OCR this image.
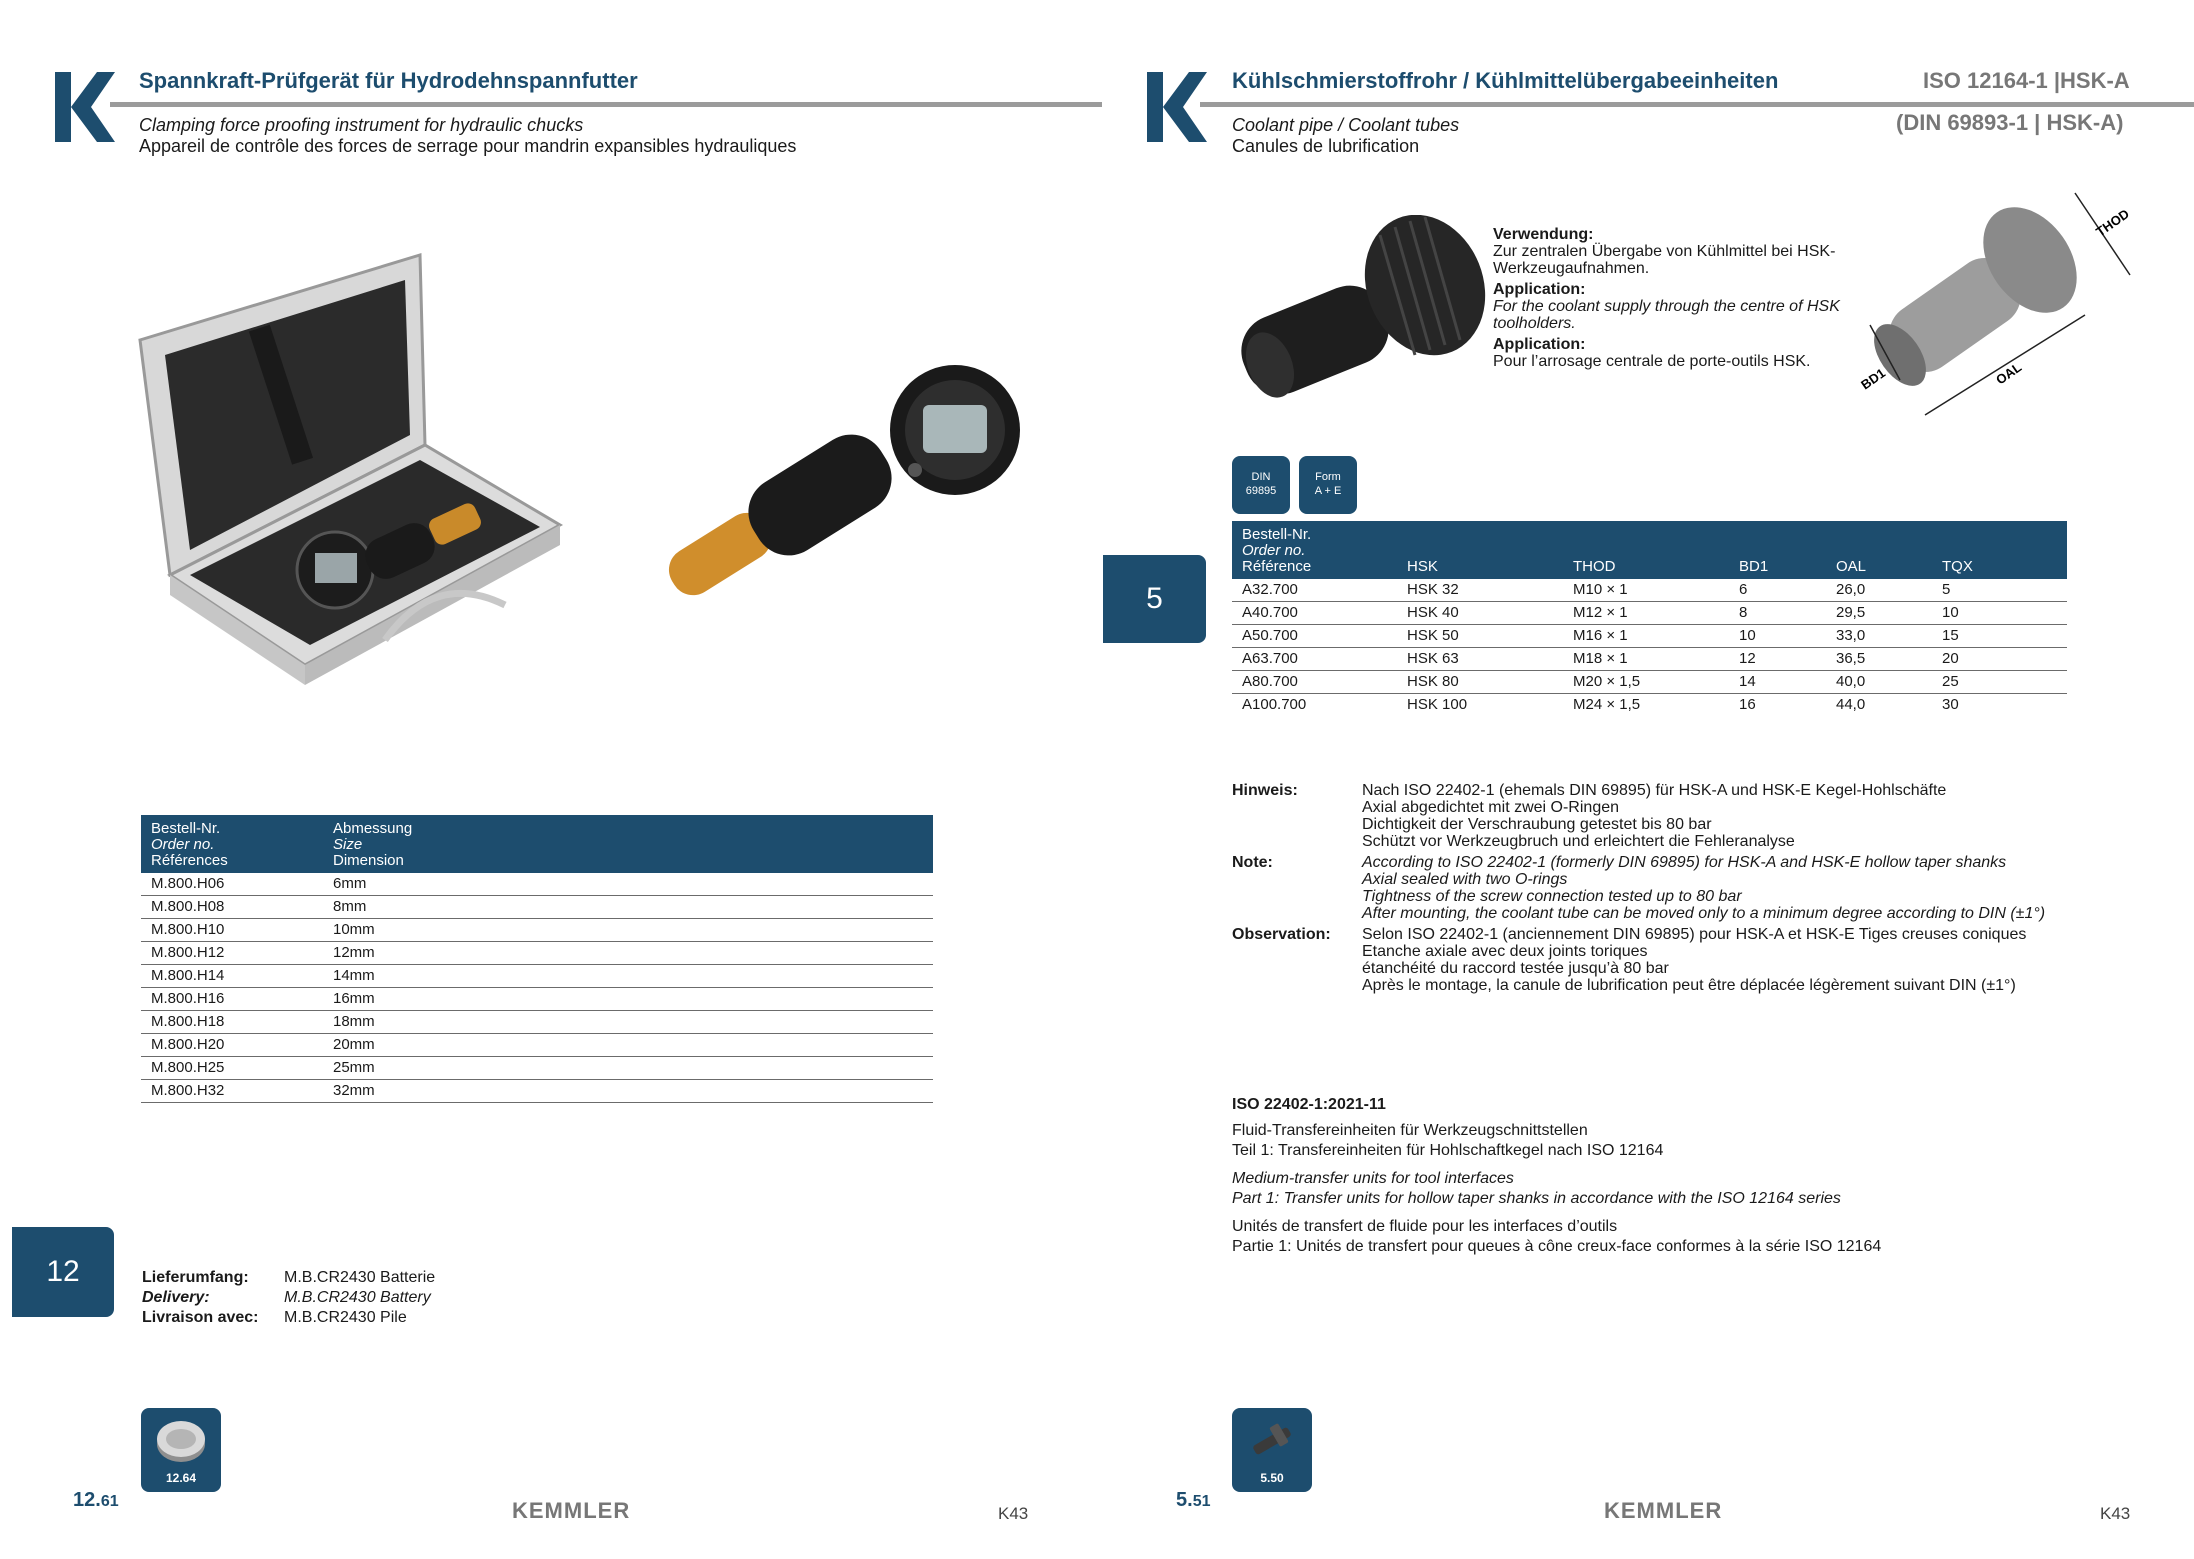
Spannkraft-Prüfgerät für Hydrodehnspannfutter
Clamping force proofing instrument for hydraulic chucks
Appareil de contrôle des forces de serrage pour mandrin expansibles hydrauliques
Bestell-Nr.
Order no.
Références	Abmessung
Size
Dimension
M.800.H06	6mm
M.800.H08	8mm
M.800.H10	10mm
M.800.H12	12mm
M.800.H14	14mm
M.800.H16	16mm
M.800.H18	18mm
M.800.H20	20mm
M.800.H25	25mm
M.800.H32	32mm
12	Lieferumfang: M.B.CR2430 Batterie
Delivery:	M.B.CR2430 Battery
Livraison avec: M.B.CR2430 Pile
12.64
12.61	KEMMLER	K43
Kühlschmierstoffrohr / Kühlmittelübergabeeinheiten	ISO 12164-1 |HSK-A
(DIN 69893-1 | HSK-A)
Coolant pipe / Coolant tubes
Canules de lubrification
Verwendung:
Zur zentralen Übergabe von Kühlmittel bei HSK-Werkzeugaufnahmen.
Application:
For the coolant supply through the centre of HSK toolholders.
Application:
Pour l’arrosage centrale de porte-outils HSK.
THOD
BD1	OAL
DIN
69895
Form
A + E
5
Bestell-Nr.
Order no.
Référence	HSK	THOD	BD1	OAL	TQX
A32.700	HSK 32	M10 × 1	6	26,0	5
A40.700	HSK 40	M12 × 1	8	29,5	10
A50.700	HSK 50	M16 × 1	10	33,0	15
A63.700	HSK 63	M18 × 1	12	36,5	20
A80.700	HSK 80	M20 × 1,5	14	40,0	25
A100.700	HSK 100	M24 × 1,5	16	44,0	30
Hinweis:	Nach ISO 22402-1 (ehemals DIN 69895) für HSK-A und HSK-E Kegel-Hohlschäfte
Axial abgedichtet mit zwei O-Ringen
Dichtigkeit der Verschraubung getestet bis 80 bar
Schützt vor Werkzeugbruch und erleichtert die Fehleranalyse
Note:	According to ISO 22402-1 (formerly DIN 69895) for HSK-A and HSK-E hollow taper shanks
Axial sealed with two O-rings
Tightness of the screw connection tested up to 80 bar
After mounting, the coolant tube can be moved only to a minimum degree according to DIN (±1°)
Observation:	Selon ISO 22402-1 (anciennement DIN 69895) pour HSK-A et HSK-E Tiges creuses coniques
Etanche axiale avec deux joints toriques
étanchéité du raccord testée jusqu’à 80 bar
Après le montage, la canule de lubrification peut être déplacée légèrement suivant DIN (±1°)
ISO 22402-1:2021-11
Fluid-Transfereinheiten für Werkzeugschnittstellen
Teil 1: Transfereinheiten für Hohlschaftkegel nach ISO 12164
Medium-transfer units for tool interfaces
Part 1: Transfer units for hollow taper shanks in accordance with the ISO 12164 series
Unités de transfert de fluide pour les interfaces d’outils
Partie 1: Unités de transfert pour queues à cône creux-face conformes à la série ISO 12164
5.50
5.51	KEMMLER	K43
